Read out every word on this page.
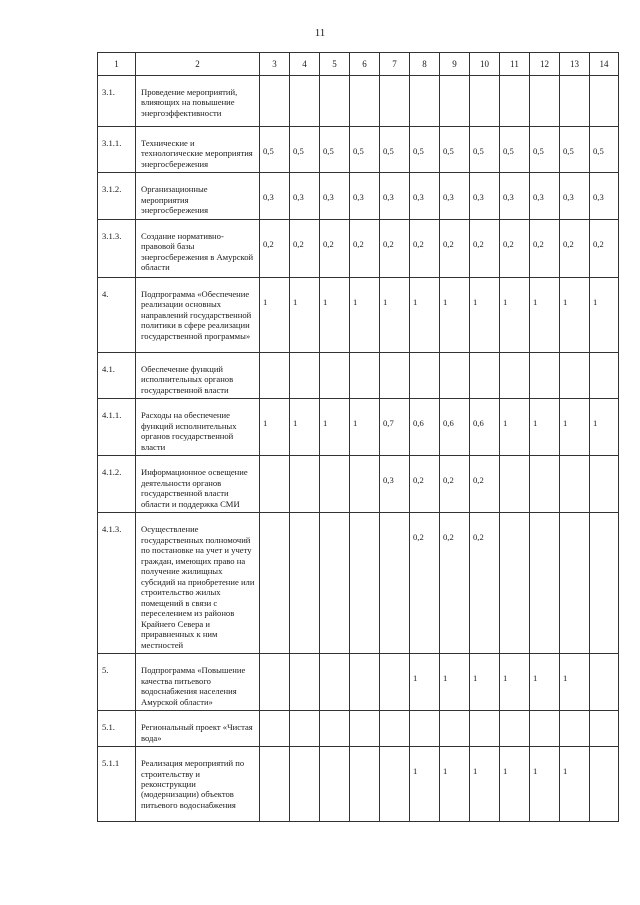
11
1	2	3	4	5	6	7	8	9	10	11	12	13	14

3.1.	Проведение мероприятий, влияющих на повышение энергоэффективности												

3.1.1.	Технические и технологические мероприятия энергосбережения	0,5	0,5	0,5	0,5	0,5	0,5	0,5	0,5	0,5	0,5	0,5	0,5

3.1.2.	Организационные мероприятия энергосбережения	0,3	0,3	0,3	0,3	0,3	0,3	0,3	0,3	0,3	0,3	0,3	0,3

3.1.3.	Создание нормативно-правовой базы энергосбережения в Амурской области	0,2	0,2	0,2	0,2	0,2	0,2	0,2	0,2	0,2	0,2	0,2	0,2

4.	Подпрограмма «Обеспечение реализации основных направлений государственной политики в сфере реализации государственной программы»	1	1	1	1	1	1	1	1	1	1	1	1

4.1.	Обеспечение функций исполнительных органов государственной власти												

4.1.1.	Расходы на обеспечение функций исполнительных органов государственной власти	1	1	1	1	0,7	0,6	0,6	0,6	1	1	1	1

4.1.2.	Информационное освещение деятельности органов государственной власти области и поддержка СМИ					0,3	0,2	0,2	0,2				

4.1.3.	Осуществление государственных полномочий по постановке на учет и учету граждан, имеющих право на получение жилищных субсидий на приобретение или строительство жилых помещений в связи с переселением из районов Крайнего Севера и приравненных к ним местностей						0,2	0,2	0,2				

5.	Подпрограмма «Повышение качества питьевого водоснабжения населения Амурской области»						1	1	1	1	1	1	

5.1.	Региональный проект «Чистая вода»												

5.1.1	Реализация мероприятий по строительству и реконструкции (модернизации) объектов питьевого водоснабжения						1	1	1	1	1	1	
